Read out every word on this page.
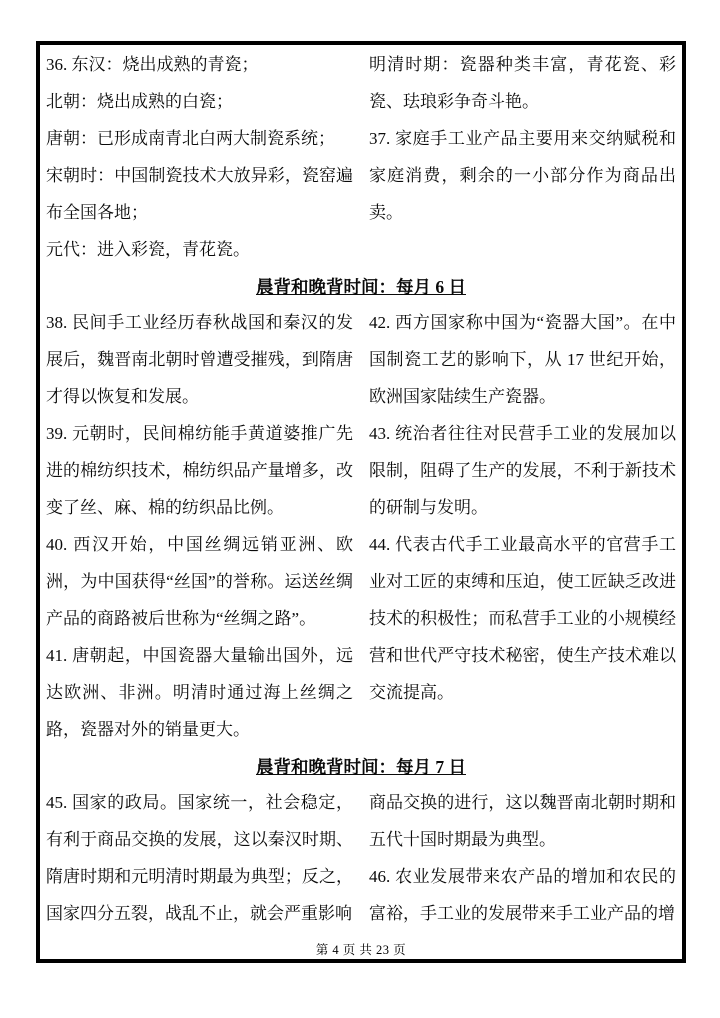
36. 东汉：烧出成熟的青瓷；

北朝：烧出成熟的白瓷；

唐朝：已形成南青北白两大制瓷系统；

宋朝时：中国制瓷技术大放异彩，瓷窑遍布全国各地；

元代：进入彩瓷，青花瓷。

明清时期：瓷器种类丰富，青花瓷、彩瓷、珐琅彩争奇斗艳。

37. 家庭手工业产品主要用来交纳赋税和家庭消费，剩余的一小部分作为商品出卖。

晨背和晚背时间：每月 6 日

38. 民间手工业经历春秋战国和秦汉的发展后，魏晋南北朝时曾遭受摧残，到隋唐才得以恢复和发展。

39. 元朝时，民间棉纺能手黄道婆推广先进的棉纺织技术，棉纺织品产量增多，改变了丝、麻、棉的纺织品比例。

40. 西汉开始，中国丝绸远销亚洲、欧洲，为中国获得“丝国”的誉称。运送丝绸产品的商路被后世称为“丝绸之路”。

41. 唐朝起，中国瓷器大量输出国外，远达欧洲、非洲。明清时通过海上丝绸之路，瓷器对外的销量更大。

42. 西方国家称中国为“瓷器大国”。在中国制瓷工艺的影响下，从 17 世纪开始，欧洲国家陆续生产瓷器。

43. 统治者往往对民营手工业的发展加以限制，阻碍了生产的发展，不利于新技术的研制与发明。

44. 代表古代手工业最高水平的官营手工业对工匠的束缚和压迫，使工匠缺乏改进技术的积极性；而私营手工业的小规模经营和世代严守技术秘密，使生产技术难以交流提高。

晨背和晚背时间：每月 7 日

45. 国家的政局。国家统一，社会稳定，有利于商品交换的发展，这以秦汉时期、隋唐时期和元明清时期最为典型；反之，国家四分五裂，战乱不止，就会严重影响

商品交换的进行，这以魏晋南北朝时期和五代十国时期最为典型。

46. 农业发展带来农产品的增加和农民的富裕，手工业的发展带来手工业产品的增

第 4 页 共 23 页
